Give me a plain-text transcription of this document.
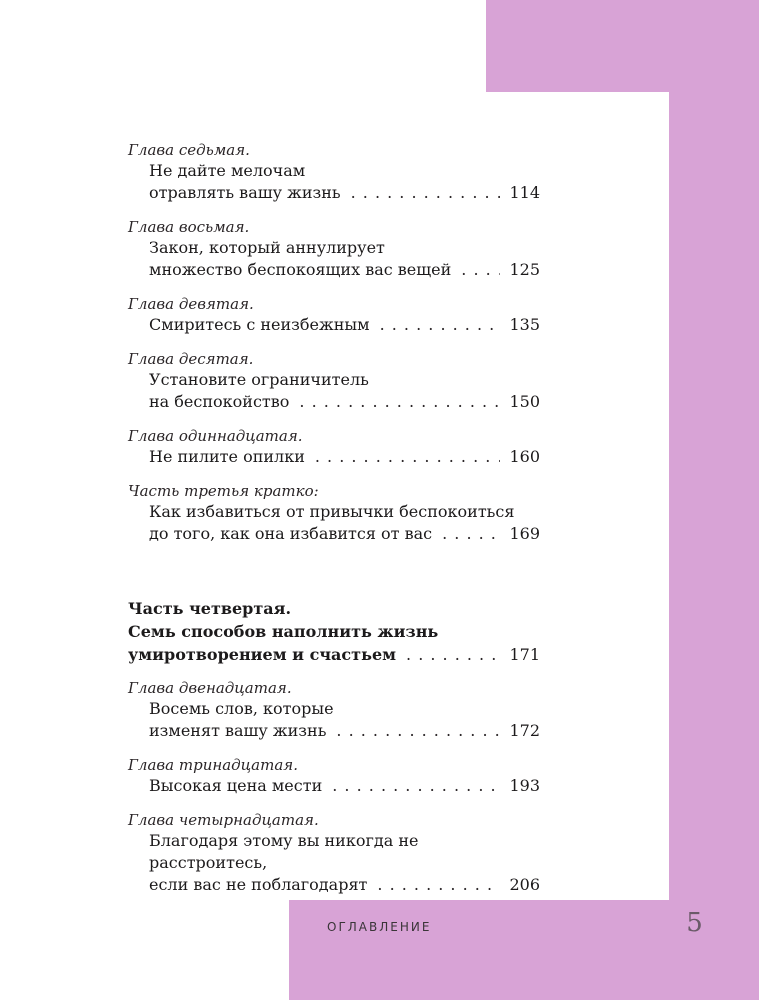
Глава седьмая.
Не дайте мелочам
отравлять вашу жизнь . . .	114
Глава восьмая.
Закон, который аннулирует
множество беспокоящих вас вещей . . .	125
Глава девятая.
Смиритесь с неизбежным . . .	135
Глава десятая.
Установите ограничитель
на беспокойство . . .	150
Глава одиннадцатая.
Не пилите опилки . . .	160
Часть третья кратко:
Как избавиться от привычки беспокоиться
до того, как она избавится от вас . . .	169
Часть четвертая.
Семь способов наполнить жизнь
умиротворением и счастьем . . .	171
Глава двенадцатая.
Восемь слов, которые
изменят вашу жизнь . . .	172
Глава тринадцатая.
Высокая цена мести . . .	193
Глава четырнадцатая.
Благодаря этому вы никогда не расстроитесь,
если вас не поблагодарят . . .	206
ОГЛАВЛЕНИЕ	5
